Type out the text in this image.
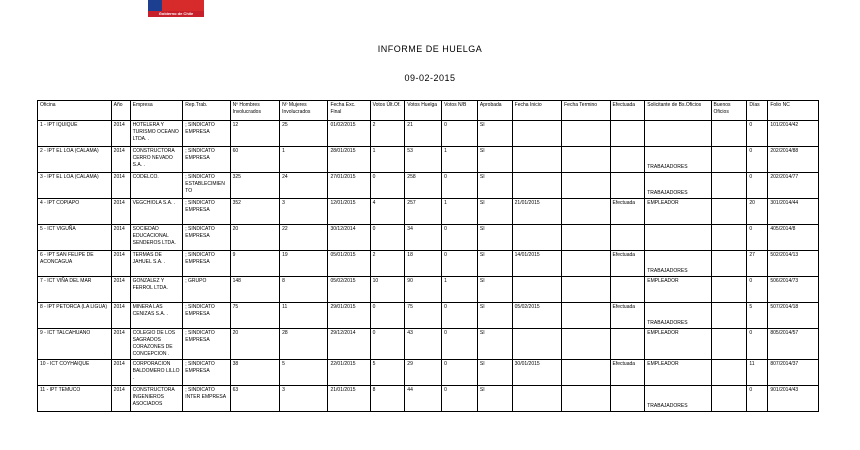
Gobierno de Chile
INFORME DE HUELGA
09-02-2015
Oficina	Año	Empresa	Rep.Trab.	Nº Hombres Involucrados	Nº Mujeres Involucrados	Fecha Exc. Final	Votos Últ.Of.	Votos Huelga	Votos N/B	Aprobada	Fecha Inicio	Fecha Termino	Efectuada	Solicitante de Bs.Oficios	Buenos Oficios	Días	Folio NC
1 - IPT IQUIQUE	2014	HOTELERA Y TURISMO OCEANO LTDA. .	; SINDICATO EMPRESA	12	25	01/02/2015	2	21	0	SI						0	101/2014/42
2 - IPT EL LOA (CALAMA)	2014	CONSTRUCTORA CERRO NEVADO S.A. .	; SINDICATO EMPRESA	60	1	28/01/2015	1	53	1	SI				TRABAJADORES		0	202/2014/88
3 - IPT EL LOA (CALAMA)	2014	CODELCO.	; SINDICATO ESTABLECIMIENTO	325	24	27/01/2015	0	258	0	SI				TRABAJADORES		0	202/2014/77
4 - IPT COPIAPO	2014	VEGCHIOLA S.A. .	; SINDICATO EMPRESA	352	3	12/01/2015	4	257	1	SI	21/01/2015		Efectuada	EMPLEADOR		20	301/2014/44
5 - ICT VIGUÑA	2014	SOCIEDAD EDUCACIONAL SENDEROS LTDA.	; SINDICATO EMPRESA	20	22	30/12/2014	0	34	0	SI						0	405/2014/8
6 - IPT SAN FELIPE DE ACONCAGUA	2014	TERMAS DE JAHUEL S.A. .	; SINDICATO EMPRESA	9	19	05/01/2015	2	18	0	SI	14/01/2015		Efectuada	TRABAJADORES		27	502/2014/13
7 - ICT VIÑA DEL MAR	2014	GONZALEZ Y FERROL LTDA.	; GRUPO	148	8	05/02/2015	10	90	1	SI				EMPLEADOR		0	506/2014/73
8 - IPT PETORCA (LA LIGUA)	2014	MINERA LAS CENIZAS S.A. .	; SINDICATO EMPRESA	75	11	29/01/2015	0	75	0	SI	05/02/2015		Efectuada	TRABAJADORES		5	507/2014/18
9 - ICT TALCAHUANO	2014	COLEGIO DE LOS SAGRADOS CORAZONES DE CONCEPCION .	; SINDICATO EMPRESA	20	28	29/12/2014	0	43	0	SI				EMPLEADOR		0	805/2014/57
10 - ICT COYHAIQUE	2014	CORPORACION BALDOMERO LILLO .	; SINDICATO EMPRESA	38	5	22/01/2015	5	29	0	SI	30/01/2015		Efectuada	EMPLEADOR		11	807/2014/37
11 - IPT TEMUCO	2014	CONSTRUCTORA INGENIEROS ASOCIADOS	; SINDICATO INTER EMPRESA	63	3	21/01/2015	8	44	0	SI				TRABAJADORES		0	901/2014/43
